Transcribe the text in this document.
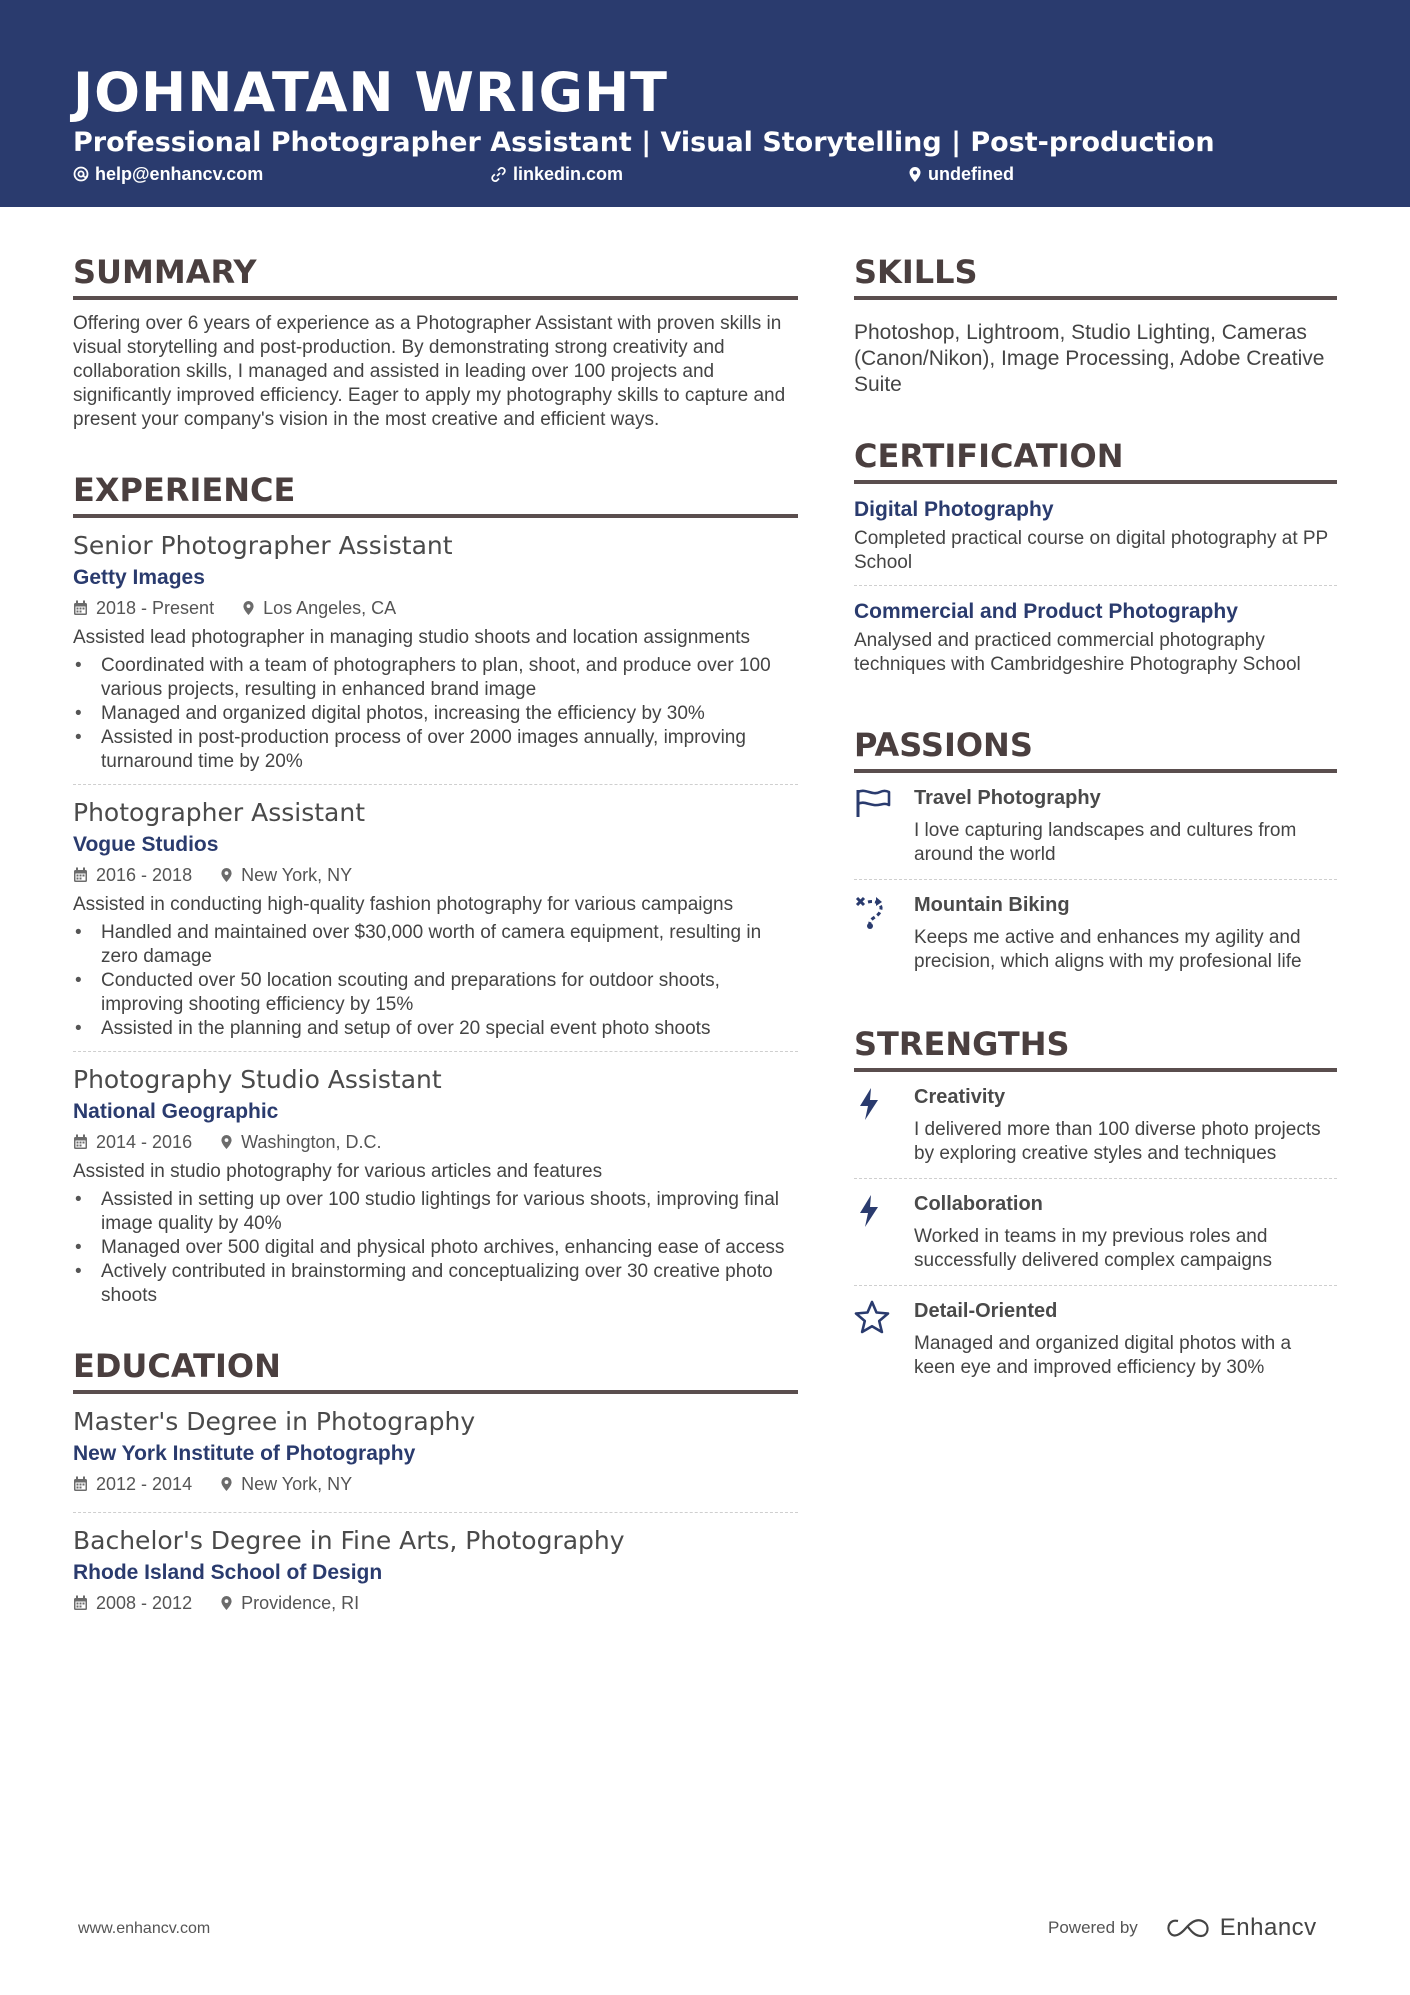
JOHNATAN WRIGHT
Professional Photographer Assistant | Visual Storytelling | Post-production
help@enhancv.com	linkedin.com	undefined
SUMMARY

Offering over 6 years of experience as a Photographer Assistant with proven skills in visual storytelling and post-production. By demonstrating strong creativity and collaboration skills, I managed and assisted in leading over 100 projects and significantly improved efficiency. Eager to apply my photography skills to capture and present your company's vision in the most creative and efficient ways.

EXPERIENCE
Senior Photographer Assistant
Getty Images
2018 - Present	Los Angeles, CA

Assisted lead photographer in managing studio shoots and location assignments

• Coordinated with a team of photographers to plan, shoot, and produce over 100 various projects, resulting in enhanced brand image
• Managed and organized digital photos, increasing the efficiency by 30%
• Assisted in post-production process of over 2000 images annually, improving turnaround time by 20%
Photographer Assistant
Vogue Studios
2016 - 2018	New York, NY

Assisted in conducting high-quality fashion photography for various campaigns

• Handled and maintained over $30,000 worth of camera equipment, resulting in zero damage
• Conducted over 50 location scouting and preparations for outdoor shoots, improving shooting efficiency by 15%
• Assisted in the planning and setup of over 20 special event photo shoots
Photography Studio Assistant
National Geographic
2014 - 2016	Washington, D.C.

Assisted in studio photography for various articles and features

• Assisted in setting up over 100 studio lightings for various shoots, improving final image quality by 40%
• Managed over 500 digital and physical photo archives, enhancing ease of access
• Actively contributed in brainstorming and conceptualizing over 30 creative photo shoots
EDUCATION
Master's Degree in Photography
New York Institute of Photography
2012 - 2014	New York, NY
Bachelor's Degree in Fine Arts, Photography
Rhode Island School of Design
2008 - 2012	Providence, RI
SKILLS
Photoshop, Lightroom, Studio Lighting, Cameras (Canon/Nikon), Image Processing, Adobe Creative Suite
CERTIFICATION
Digital Photography

Completed practical course on digital photography at PP School

Commercial and Product Photography

Analysed and practiced commercial photography techniques with Cambridgeshire Photography School

PASSIONS
Travel Photography

I love capturing landscapes and cultures from around the world

Mountain Biking

Keeps me active and enhances my agility and precision, which aligns with my profesional life

STRENGTHS
Creativity

I delivered more than 100 diverse photo projects by exploring creative styles and techniques

Collaboration

Worked in teams in my previous roles and successfully delivered complex campaigns

Detail-Oriented

Managed and organized digital photos with a keen eye and improved efficiency by 30%

www.enhancv.com	Powered by	Enhancv
